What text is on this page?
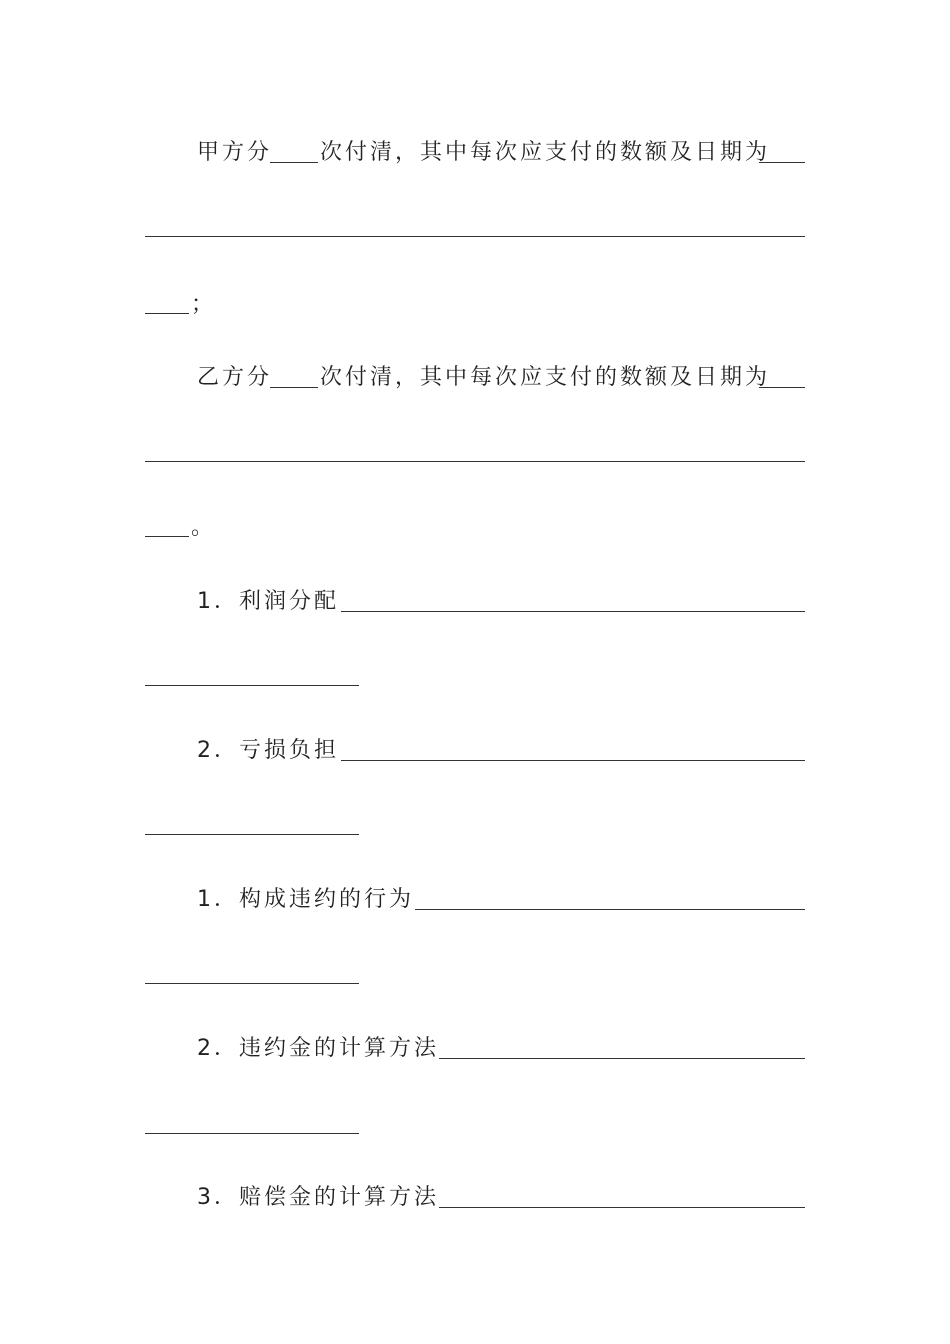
甲方分 次付清，其中每次应支付的数额及日期为
；
乙方分 次付清，其中每次应支付的数额及日期为
。
1．利润分配
2．亏损负担
1．构成违约的行为
2．违约金的计算方法
3．赔偿金的计算方法
